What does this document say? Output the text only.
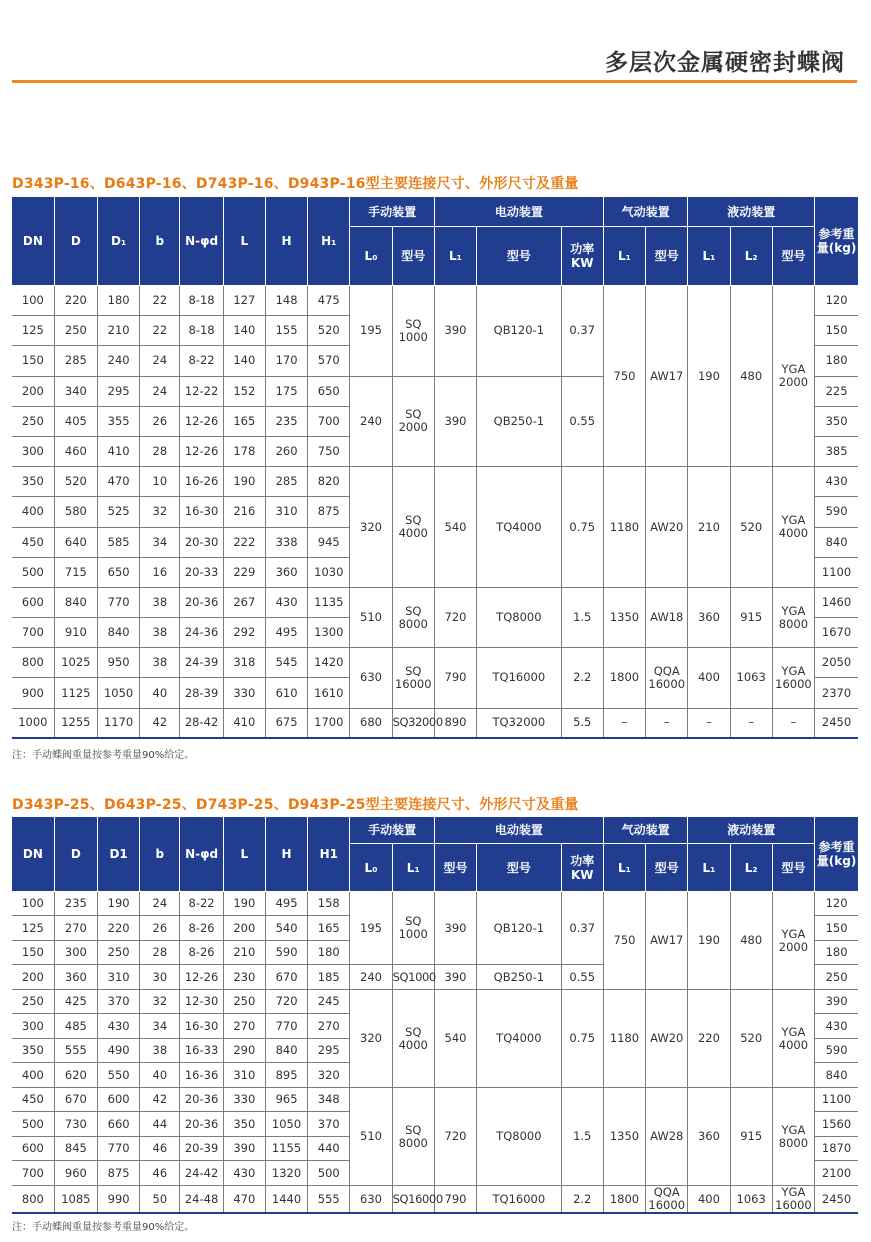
多层次金属硬密封蝶阀
D343P-16、D643P-16、D743P-16、D943P-16型主要连接尺寸、外形尺寸及重量
DN	D	D₁	b	N-φd	L	H	H₁	手动装置		电动装置			气动装置		液动装置			参考重量(kg)
								L₀	型号	L₁	型号	功率KW	L₁	型号	L₁	L₂	型号	
100	220	180	22	8-18	127	148	475	195	SQ 1000	390	QB120-1	0.37	750	AW17	190	480	YGA 2000	120
125	250	210	22	8-18	140	155	520											150
150	285	240	24	8-22	140	170	570											180
200	340	295	24	12-22	152	175	650	240	SQ 2000	390	QB250-1	0.55						225
250	405	355	26	12-26	165	235	700											350
300	460	410	28	12-26	178	260	750											385
350	520	470	10	16-26	190	285	820	320	SQ 4000	540	TQ4000	0.75	1180	AW20	210	520	YGA 4000	430
400	580	525	32	16-30	216	310	875											590
450	640	585	34	20-30	222	338	945											840
500	715	650	16	20-33	229	360	1030											1100
600	840	770	38	20-36	267	430	1135	510	SQ 8000	720	TQ8000	1.5	1350	AW18	360	915	YGA 8000	1460
700	910	840	38	24-36	292	495	1300											1670
800	1025	950	38	24-39	318	545	1420	630	SQ 16000	790	TQ16000	2.2	1800	QQA 16000	400	1063	YGA 16000	2050
900	1125	1050	40	28-39	330	610	1610											2370
1000	1255	1170	42	28-42	410	675	1700	680	SQ32000	890	TQ32000	5.5	–	–	–	–	–	2450
注：手动蝶阀重量按参考重量90%给定。
D343P-25、D643P-25、D743P-25、D943P-25型主要连接尺寸、外形尺寸及重量
DN	D	D1	b	N-φd	L	H	H1	手动装置		电动装置			气动装置		液动装置			参考重量(kg)
								L₀	L₁	型号	型号	功率KW	L₁	型号	L₁	L₂	型号	
100	235	190	24	8-22	190	495	158	195	SQ 1000	390	QB120-1	0.37	750	AW17	190	480	YGA 2000	120
125	270	220	26	8-26	200	540	165											150
150	300	250	28	8-26	210	590	180											180
200	360	310	30	12-26	230	670	185	240	SQ1000	390	QB250-1	0.55						250
250	425	370	32	12-30	250	720	245	320	SQ 4000	540	TQ4000	0.75	1180	AW20	220	520	YGA 4000	390
300	485	430	34	16-30	270	770	270											430
350	555	490	38	16-33	290	840	295											590
400	620	550	40	16-36	310	895	320											840
450	670	600	42	20-36	330	965	348	510	SQ 8000	720	TQ8000	1.5	1350	AW28	360	915	YGA 8000	1100
500	730	660	44	20-36	350	1050	370											1560
600	845	770	46	20-39	390	1155	440											1870
700	960	875	46	24-42	430	1320	500											2100
800	1085	990	50	24-48	470	1440	555	630	SQ16000	790	TQ16000	2.2	1800	QQA 16000	400	1063	YGA 16000	2450
注：手动蝶阀重量按参考重量90%给定。
